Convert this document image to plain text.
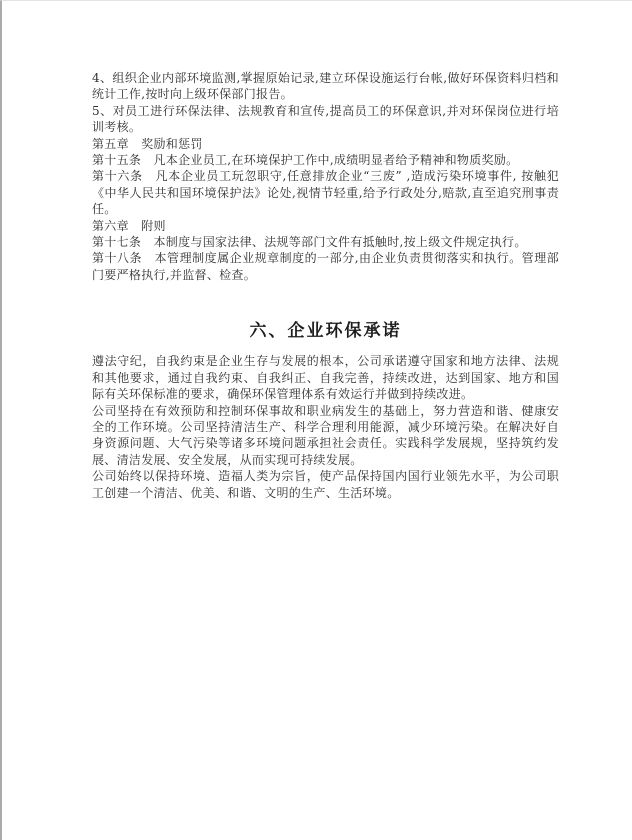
4、组织企业内部环境监测,掌握原始记录,建立环保设施运行台帐,做好环保资料归档和统计工作,按时向上级环保部门报告。

5、对员工进行环保法律、法规教育和宣传,提高员工的环保意识,并对环保岗位进行培训考核。

第五章　奖励和惩罚

第十五条　凡本企业员工,在环境保护工作中,成绩明显者给予精神和物质奖励。

第十六条　凡本企业员工玩忽职守,任意排放企业“三废” ,造成污染环境事件, 按触犯《中华人民共和国环境保护法》论处,视情节轻重,给予行政处分,赔款,直至追究刑事责任。

第六章　附则

第十七条　本制度与国家法律、法规等部门文件有抵触时,按上级文件规定执行。

第十八条　本管理制度属企业规章制度的一部分,由企业负责贯彻落实和执行。管理部门要严格执行,并监督、检查。

六、企业环保承诺

遵法守纪，自我约束是企业生存与发展的根本，公司承诺遵守国家和地方法律、法规和其他要求，通过自我约束、自我纠正、自我完善，持续改进，达到国家、地方和国际有关环保标准的要求，确保环保管理体系有效运行并做到持续改进。

公司坚持在有效预防和控制环保事故和职业病发生的基础上，努力营造和谐、健康安全的工作环境。公司坚持清洁生产、科学合理利用能源，减少环境污染。在解决好自身资源问题、大气污染等诸多环境问题承担社会责任。实践科学发展规，坚持筑约发展、清洁发展、安全发展，从而实现可持续发展。

公司始终以保持环境、造福人类为宗旨，使产品保持国内国行业领先水平，为公司职工创建一个清洁、优美、和谐、文明的生产、生活环境。
